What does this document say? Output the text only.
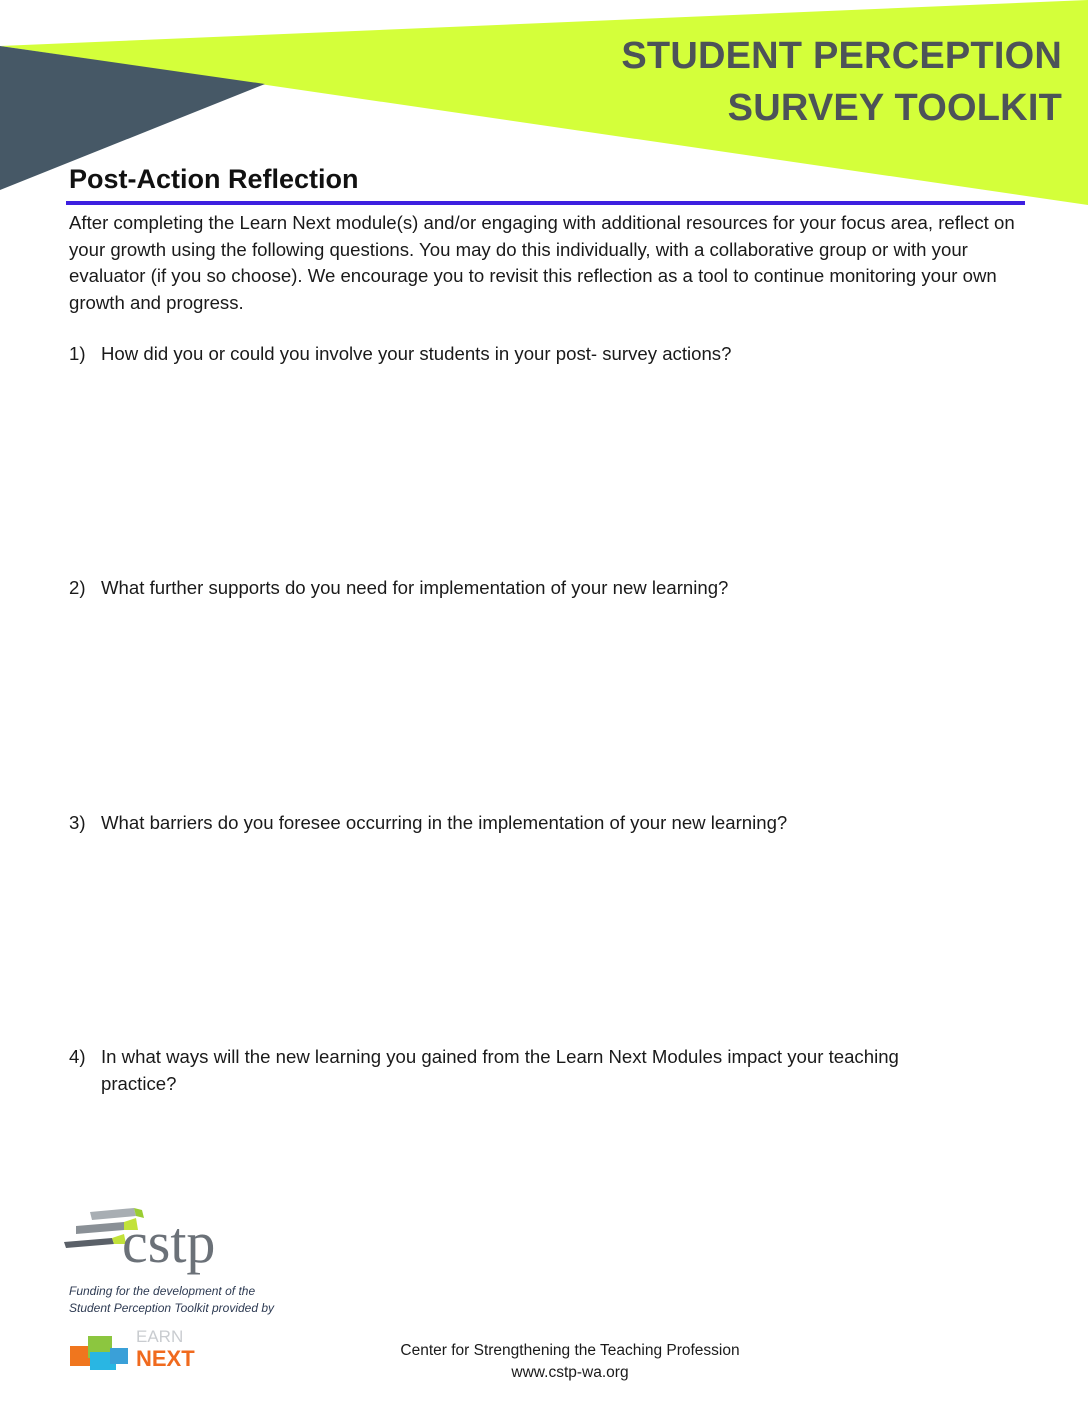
STUDENT PERCEPTION
SURVEY TOOLKIT
Post-Action Reflection

After completing the Learn Next module(s) and/or engaging with additional resources for your focus area, reflect on your growth using the following questions. You may do this individually, with a collaborative group or with your evaluator (if you so choose). We encourage you to revisit this reflection as a tool to continue monitoring your own growth and progress.

1) How did you or could you involve your students in your post- survey actions?
2) What further supports do you need for implementation of your new learning?
3) What barriers do you foresee occurring in the implementation of your new learning?
4) In what ways will the new learning you gained from the Learn Next Modules impact your teaching practice?
cstp

Funding for the development of the
Student Perception Toolkit provided by

EARN
NEXT	Center for Strengthening the Teaching Profession
www.cstp-wa.org
